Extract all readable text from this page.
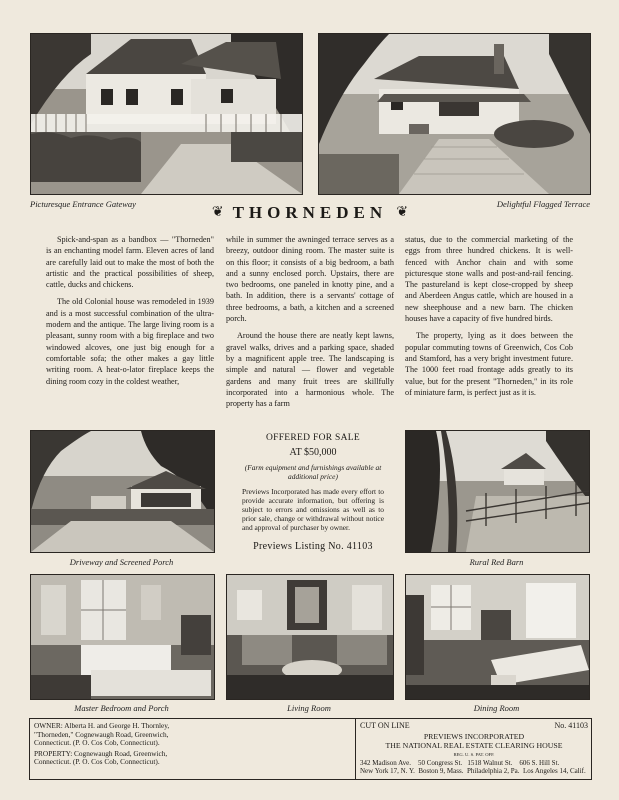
Picturesque Entrance Gateway	Delightful Flagged Terrace
❦ THORNEDEN ❦

Spick-and-span as a bandbox — "Thorneden" is an enchanting model farm. Eleven acres of land are carefully laid out to make the most of both the artistic and the practical possibilities of sheep, cattle, ducks and chickens.

The old Colonial house was remodeled in 1939 and is a most successful combination of the ultra-modern and the antique. The large living room is a pleasant, sunny room with a big fireplace and two windowed alcoves, one just big enough for a comfortable sofa; the other makes a gay little writing room. A heat-o-lator fireplace keeps the dining room cozy in the coldest weather,

while in summer the awninged terrace serves as a breezy, outdoor dining room. The master suite is on this floor; it consists of a big bedroom, a bath and a sunny enclosed porch. Upstairs, there are two bedrooms, one paneled in knotty pine, and a bath. In addition, there is a servants' cottage of three bedrooms, a bath, a kitchen and a screened porch.

Around the house there are neatly kept lawns, gravel walks, drives and a parking space, shaded by a magnificent apple tree. The landscaping is simple and natural — flower and vegetable gardens and many fruit trees are skillfully incorporated into a harmonious whole. The property has a farm

status, due to the commercial marketing of the eggs from three hundred chickens. It is well-fenced with Anchor chain and with some picturesque stone walls and post-and-rail fencing. The pastureland is kept close-cropped by sheep and Aberdeen Angus cattle, which are housed in a new sheephouse and a new barn. The chicken houses have a capacity of five hundred birds.

The property, lying as it does between the popular commuting towns of Greenwich, Cos Cob and Stamford, has a very bright investment future. The 1000 feet road frontage adds greatly to its value, but for the present "Thorneden," in its role of miniature farm, is perfect just as it is.

Driveway and Screened Porch
OFFERED FOR SALE
AT $50,000
(Farm equipment and furnishings available at additional price)
Previews Incorporated has made every effort to provide accurate information, but offering is subject to errors and omissions as well as to prior sale, change or withdrawal without notice and approval of purchaser by owner.
Previews Listing No. 41103
Rural Red Barn
Master Bedroom and Porch	Living Room	Dining Room
OWNER: Alberta H. and George H. Thornley, "Thorneden," Cognewaugh Road, Greenwich, Connecticut. (P. O. Cos Cob, Connecticut).
PROPERTY: Cognewaugh Road, Greenwich, Connecticut. (P. O. Cos Cob, Connecticut).
CUT ON LINE	No. 41103
PREVIEWS INCORPORATED
THE NATIONAL REAL ESTATE CLEARING HOUSE
REG. U. S. PAT. OFF.
342 Madison Ave.    50 Congress St.   1518 Walnut St.    606 S. Hill St.
New York 17, N. Y.  Boston 9, Mass.  Philadelphia 2, Pa.  Los Angeles 14, Calif.
